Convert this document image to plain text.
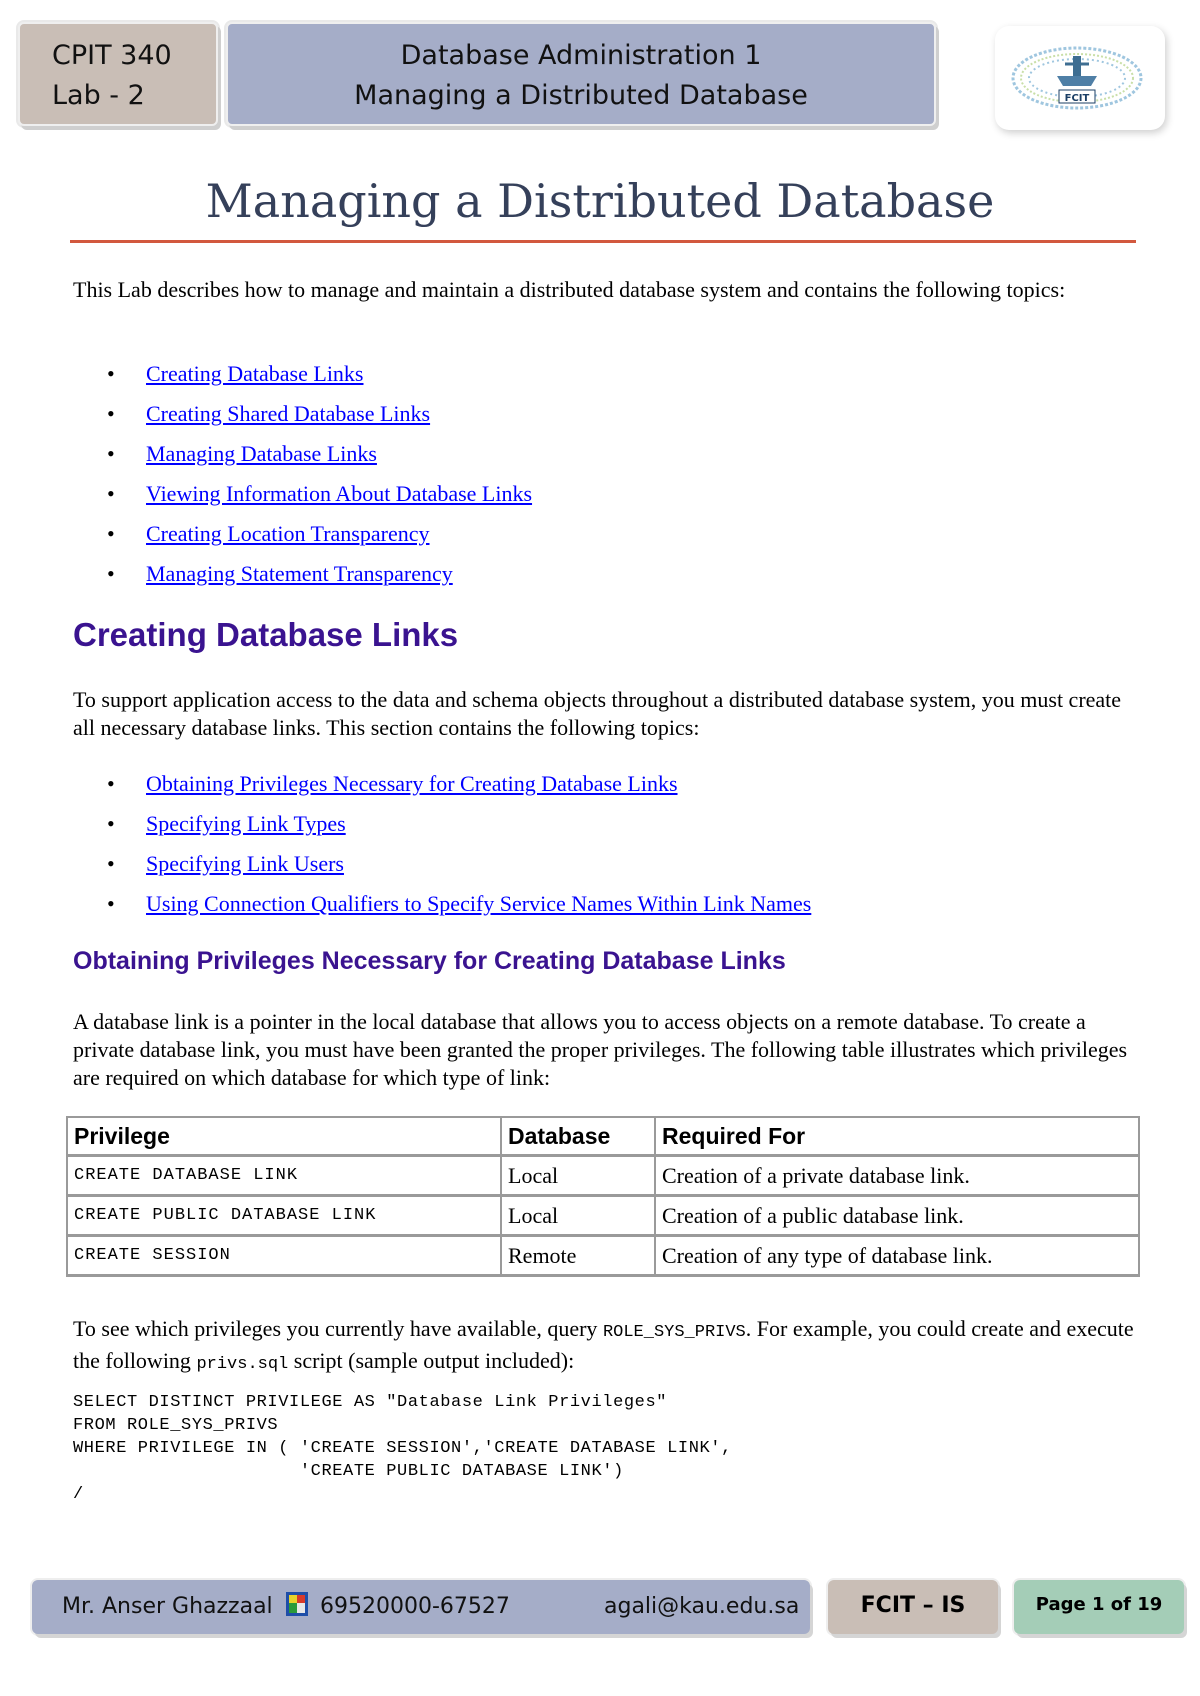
CPIT 340
Lab - 2
Database Administration 1
Managing a Distributed Database	FCIT
Managing a Distributed Database
This Lab describes how to manage and maintain a distributed database system and contains the following topics:
• Creating Database Links
• Creating Shared Database Links
• Managing Database Links
• Viewing Information About Database Links
• Creating Location Transparency
• Managing Statement Transparency
Creating Database Links
To support application access to the data and schema objects throughout a distributed database system, you must create all necessary database links. This section contains the following topics:
• Obtaining Privileges Necessary for Creating Database Links
• Specifying Link Types
• Specifying Link Users
• Using Connection Qualifiers to Specify Service Names Within Link Names
Obtaining Privileges Necessary for Creating Database Links
A database link is a pointer in the local database that allows you to access objects on a remote database. To create a private database link, you must have been granted the proper privileges. The following table illustrates which privileges are required on which database for which type of link:
Privilege	Database	Required For
CREATE DATABASE LINK	Local	Creation of a private database link.
CREATE PUBLIC DATABASE LINK	Local	Creation of a public database link.
CREATE SESSION	Remote	Creation of any type of database link.
To see which privileges you currently have available, query ROLE_SYS_PRIVS. For example, you could create and execute the following privs.sql script (sample output included):
SELECT DISTINCT PRIVILEGE AS "Database Link Privileges"
FROM ROLE_SYS_PRIVS
WHERE PRIVILEGE IN ( 'CREATE SESSION','CREATE DATABASE LINK',
'CREATE PUBLIC DATABASE LINK')
/
Mr. Anser Ghazzaal 69520000-67527	agali@kau.edu.sa	FCIT – IS	Page 1 of 19
